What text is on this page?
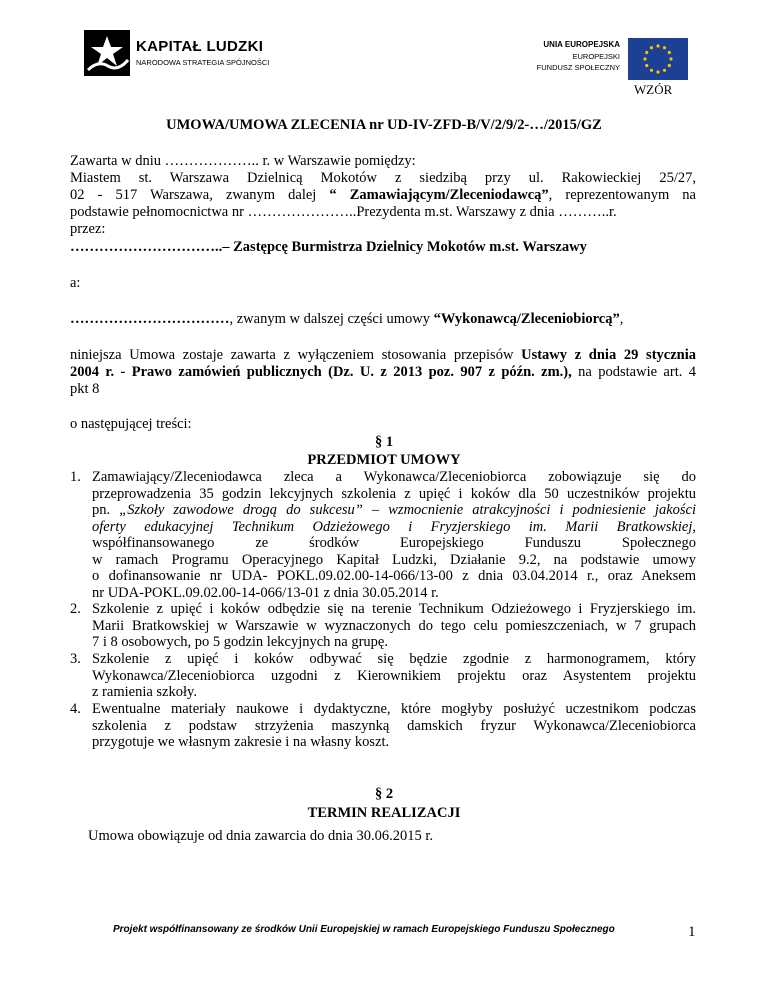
KAPITAŁ LUDZKI
NARODOWA STRATEGIA SPÓJNOŚCI
UNIA EUROPEJSKA
EUROPEJSKI
FUNDUSZ SPOŁECZNY
WZÓR
UMOWA/UMOWA ZLECENIA nr UD-IV-ZFD-B/V/2/9/2-…/2015/GZ
Zawarta w dniu ……………….. r. w Warszawie pomiędzy:
Miastem st. Warszawa Dzielnicą Mokotów z siedzibą przy ul. Rakowieckiej 25/27,
02 - 517 Warszawa, zwanym dalej “ Zamawiającym/Zleceniodawcą”, reprezentowanym na
podstawie pełnomocnictwa nr …………………..Prezydenta m.st. Warszawy z dnia ………..r.
przez:
…………………………..– Zastępcę Burmistrza Dzielnicy Mokotów m.st. Warszawy
a:
……………………………, zwanym w dalszej części umowy “Wykonawcą/Zleceniobiorcą”,
niniejsza Umowa zostaje zawarta z wyłączeniem stosowania przepisów Ustawy z dnia 29 stycznia
2004 r. - Prawo zamówień publicznych (Dz. U. z 2013 poz. 907 z późn. zm.), na podstawie art. 4
pkt 8
o następującej treści:
§ 1
PRZEDMIOT UMOWY
1. Zamawiający/Zleceniodawca zleca a Wykonawca/Zleceniobiorca zobowiązuje się do
przeprowadzenia 35 godzin lekcyjnych szkolenia z upięć i koków dla 50 uczestników projektu
pn. „Szkoły zawodowe drogą do sukcesu” – wzmocnienie atrakcyjności i podniesienie jakości
oferty edukacyjnej Technikum Odzieżowego i Fryzjerskiego im. Marii Bratkowskiej,
współfinansowanego ze środków Europejskiego Funduszu Społecznego
w ramach Programu Operacyjnego Kapitał Ludzki, Działanie 9.2, na podstawie umowy
o dofinansowanie nr UDA- POKL.09.02.00-14-066/13-00 z dnia 03.04.2014 r., oraz Aneksem
nr UDA-POKL.09.02.00-14-066/13-01 z dnia 30.05.2014 r.
2. Szkolenie z upięć i koków odbędzie się na terenie Technikum Odzieżowego i Fryzjerskiego im.
Marii Bratkowskiej w Warszawie w wyznaczonych do tego celu pomieszczeniach, w 7 grupach
7 i 8 osobowych, po 5 godzin lekcyjnych na grupę.
3. Szkolenie z upięć i koków odbywać się będzie zgodnie z harmonogramem, który
Wykonawca/Zleceniobiorca uzgodni z Kierownikiem projektu oraz Asystentem projektu
z ramienia szkoły.
4. Ewentualne materiały naukowe i dydaktyczne, które mogłyby posłużyć uczestnikom podczas
szkolenia z podstaw strzyżenia maszynką damskich fryzur Wykonawca/Zleceniobiorca
przygotuje we własnym zakresie i na własny koszt.
§ 2
TERMIN REALIZACJI
Umowa obowiązuje od dnia zawarcia do dnia 30.06.2015 r.
Projekt współfinansowany ze środków Unii Europejskiej w ramach Europejskiego Funduszu Społecznego	1
